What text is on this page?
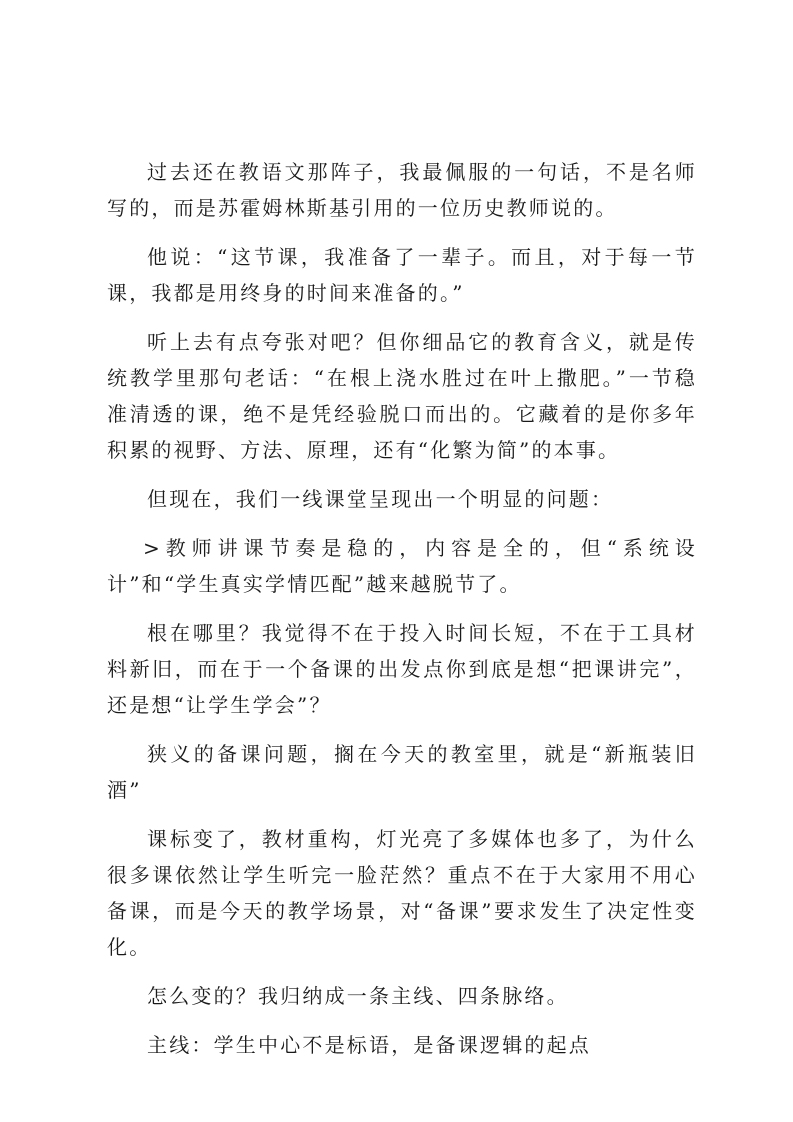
过去还在教语文那阵子，我最佩服的一句话，不是名师写的，而是苏霍姆林斯基引用的一位历史教师说的。

他说：“这节课，我准备了一辈子。而且，对于每一节课，我都是用终身的时间来准备的。”

听上去有点夸张对吧？但你细品它的教育含义，就是传统教学里那句老话：“在根上浇水胜过在叶上撒肥。”一节稳准清透的课，绝不是凭经验脱口而出的。它藏着的是你多年积累的视野、方法、原理，还有“化繁为简”的本事。

但现在，我们一线课堂呈现出一个明显的问题：

>教师讲课节奏是稳的，内容是全的，但“系统设计”和“学生真实学情匹配”越来越脱节了。

根在哪里？我觉得不在于投入时间长短，不在于工具材料新旧，而在于一个备课的出发点你到底是想“把课讲完”，还是想“让学生学会”？

狭义的备课问题，搁在今天的教室里，就是“新瓶装旧酒”

课标变了，教材重构，灯光亮了多媒体也多了，为什么很多课依然让学生听完一脸茫然？重点不在于大家用不用心备课，而是今天的教学场景，对“备课”要求发生了决定性变化。

怎么变的？我归纳成一条主线、四条脉络。

主线：学生中心不是标语，是备课逻辑的起点
